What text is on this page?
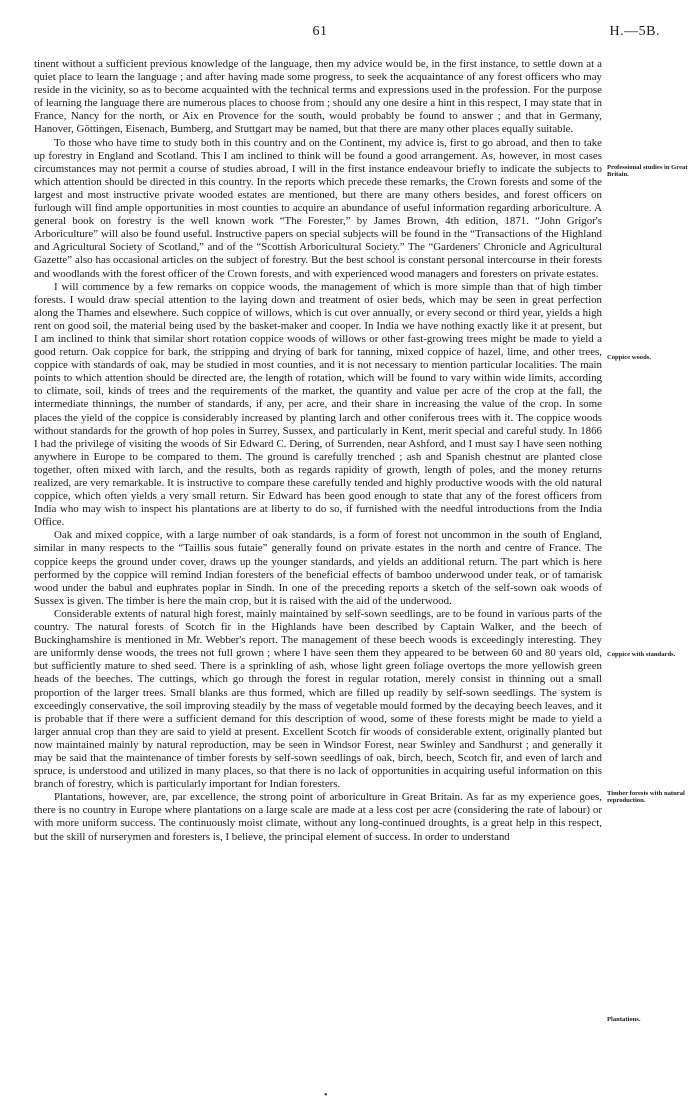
61	H.—5B.

tinent without a sufficient previous knowledge of the language, then my advice would be, in the first instance, to settle down at a quiet place to learn the language ; and after having made some progress, to seek the acquaintance of any forest officers who may reside in the vicinity, so as to become acquainted with the technical terms and expressions used in the profession. For the purpose of learning the language there are numerous places to choose from ; should any one desire a hint in this respect, I may state that in France, Nancy for the north, or Aix en Provence for the south, would probably be found to answer ; and that in Germany, Hanover, Göttingen, Eisenach, Bumberg, and Stuttgart may be named, but that there are many other places equally suitable.

To those who have time to study both in this country and on the Continent, my advice is, first to go abroad, and then to take up forestry in England and Scotland. This I am inclined to think will be found a good arrangement. As, however, in most cases circumstances may not permit a course of studies abroad, I will in the first instance endeavour briefly to indicate the subjects to which attention should be directed in this country. In the reports which precede these remarks, the Crown forests and some of the largest and most instructive private wooded estates are mentioned, but there are many others besides, and forest officers on furlough will find ample opportunities in most counties to acquire an abundance of useful information regarding arboriculture. A general book on forestry is the well known work “The Forester,” by James Brown, 4th edition, 1871. “John Grigor's Arboriculture” will also be found useful. Instructive papers on special subjects will be found in the “Transactions of the Highland and Agricultural Society of Scotland,” and of the “Scottish Arboricultural Society.” The “Gardeners' Chronicle and Agricultural Gazette” also has occasional articles on the subject of forestry. But the best school is constant personal intercourse in their forests and woodlands with the forest officer of the Crown forests, and with experienced wood managers and foresters on private estates.

I will commence by a few remarks on coppice woods, the management of which is more simple than that of high timber forests. I would draw special attention to the laying down and treatment of osier beds, which may be seen in great perfection along the Thames and elsewhere. Such coppice of willows, which is cut over annually, or every second or third year, yields a high rent on good soil, the material being used by the basket-maker and cooper. In India we have nothing exactly like it at present, but I am inclined to think that similar short rotation coppice woods of willows or other fast-growing trees might be made to yield a good return. Oak coppice for bark, the stripping and drying of bark for tanning, mixed coppice of hazel, lime, and other trees, coppice with standards of oak, may be studied in most counties, and it is not necessary to mention particular localities. The main points to which attention should be directed are, the length of rotation, which will be found to vary within wide limits, according to climate, soil, kinds of trees and the requirements of the market, the quantity and value per acre of the crop at the fall, the intermediate thinnings, the number of standards, if any, per acre, and their share in increasing the value of the crop. In some places the yield of the coppice is considerably increased by planting larch and other coniferous trees with it. The coppice woods without standards for the growth of hop poles in Surrey, Sussex, and particularly in Kent, merit special and careful study. In 1866 I had the privilege of visiting the woods of Sir Edward C. Dering, of Surrenden, near Ashford, and I must say I have seen nothing anywhere in Europe to be compared to them. The ground is carefully trenched ; ash and Spanish chestnut are planted close together, often mixed with larch, and the results, both as regards rapidity of growth, length of poles, and the money returns realized, are very remarkable. It is instructive to compare these carefully tended and highly productive woods with the old natural coppice, which often yields a very small return. Sir Edward has been good enough to state that any of the forest officers from India who may wish to inspect his plantations are at liberty to do so, if furnished with the needful introductions from the India Office.

Oak and mixed coppice, with a large number of oak standards, is a form of forest not uncommon in the south of England, similar in many respects to the “Taillis sous futaie” generally found on private estates in the north and centre of France. The coppice keeps the ground under cover, draws up the younger standards, and yields an additional return. The part which is here performed by the coppice will remind Indian foresters of the beneficial effects of bamboo underwood under teak, or of tamarisk wood under the babul and euphrates poplar in Sindh. In one of the preceding reports a sketch of the self-sown oak woods of Sussex is given. The timber is here the main crop, but it is raised with the aid of the underwood.

Considerable extents of natural high forest, mainly maintained by self-sown seedlings, are to be found in various parts of the country. The natural forests of Scotch fir in the Highlands have been described by Captain Walker, and the beech of Buckinghamshire is mentioned in Mr. Webber's report. The management of these beech woods is exceedingly interesting. They are uniformly dense woods, the trees not full grown ; where I have seen them they appeared to be between 60 and 80 years old, but sufficiently mature to shed seed. There is a sprinkling of ash, whose light green foliage overtops the more yellowish green heads of the beeches. The cuttings, which go through the forest in regular rotation, merely consist in thinning out a small proportion of the larger trees. Small blanks are thus formed, which are filled up readily by self-sown seedlings. The system is exceedingly conservative, the soil improving steadily by the mass of vegetable mould formed by the decaying beech leaves, and it is probable that if there were a sufficient demand for this description of wood, some of these forests might be made to yield a larger annual crop than they are said to yield at present. Excellent Scotch fir woods of considerable extent, originally planted but now maintained mainly by natural reproduction, may be seen in Windsor Forest, near Swinley and Sandhurst ; and generally it may be said that the maintenance of timber forests by self-sown seedlings of oak, birch, beech, Scotch fir, and even of larch and spruce, is understood and utilized in many places, so that there is no lack of opportunities in acquiring useful information on this branch of forestry, which is particularly important for Indian foresters.

Plantations, however, are, par excellence, the strong point of arboriculture in Great Britain. As far as my experience goes, there is no country in Europe where plantations on a large scale are made at a less cost per acre (considering the rate of labour) or with more uniform success. The continuously moist climate, without any long-continued droughts, is a great help in this respect, but the skill of nurserymen and foresters is, I believe, the principal element of success. In order to understand

Professional studies in Great Britain.
Coppice woods.
Coppice with standards.
Timber forests with natural reproduction.
Plantations.
•
